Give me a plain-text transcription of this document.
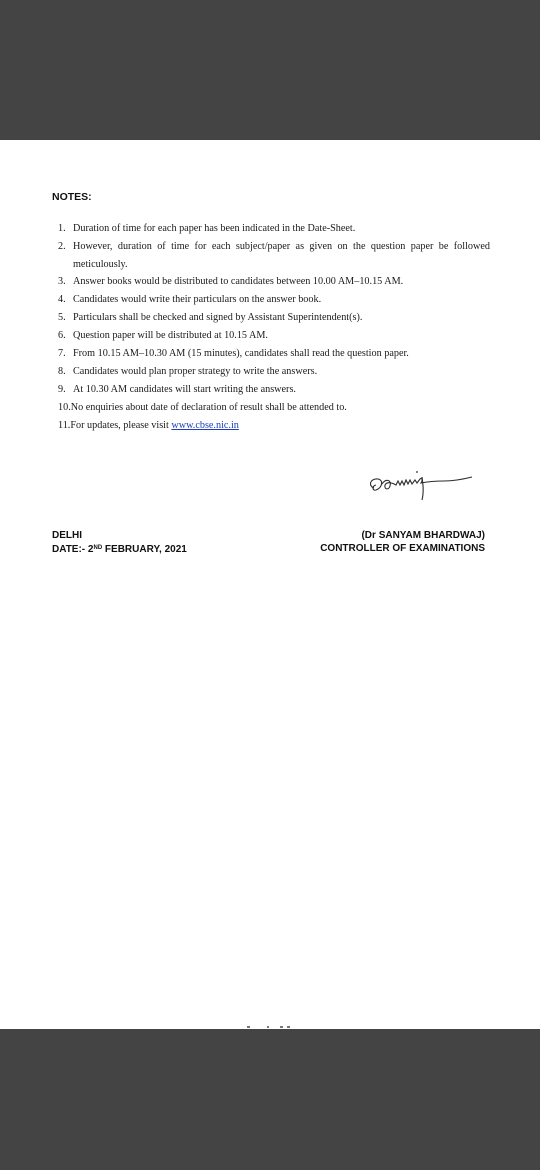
NOTES:

1. Duration of time for each paper has been indicated in the Date-Sheet.
2. However, duration of time for each subject/paper as given on the question paper be followed meticulously.
3. Answer books would be distributed to candidates between 10.00 AM–10.15 AM.
4. Candidates would write their particulars on the answer book.
5. Particulars shall be checked and signed by Assistant Superintendent(s).
6. Question paper will be distributed at 10.15 AM.
7. From 10.15 AM–10.30 AM (15 minutes), candidates shall read the question paper.
8. Candidates would plan proper strategy to write the answers.
9. At 10.30 AM candidates will start writing the answers.
10. No enquiries about date of declaration of result shall be attended to.
11. For updates, please visit www.cbse.nic.in
DELHI
DATE:- 2ND FEBRUARY, 2021
(Dr SANYAM BHARDWAJ)
CONTROLLER OF EXAMINATIONS
